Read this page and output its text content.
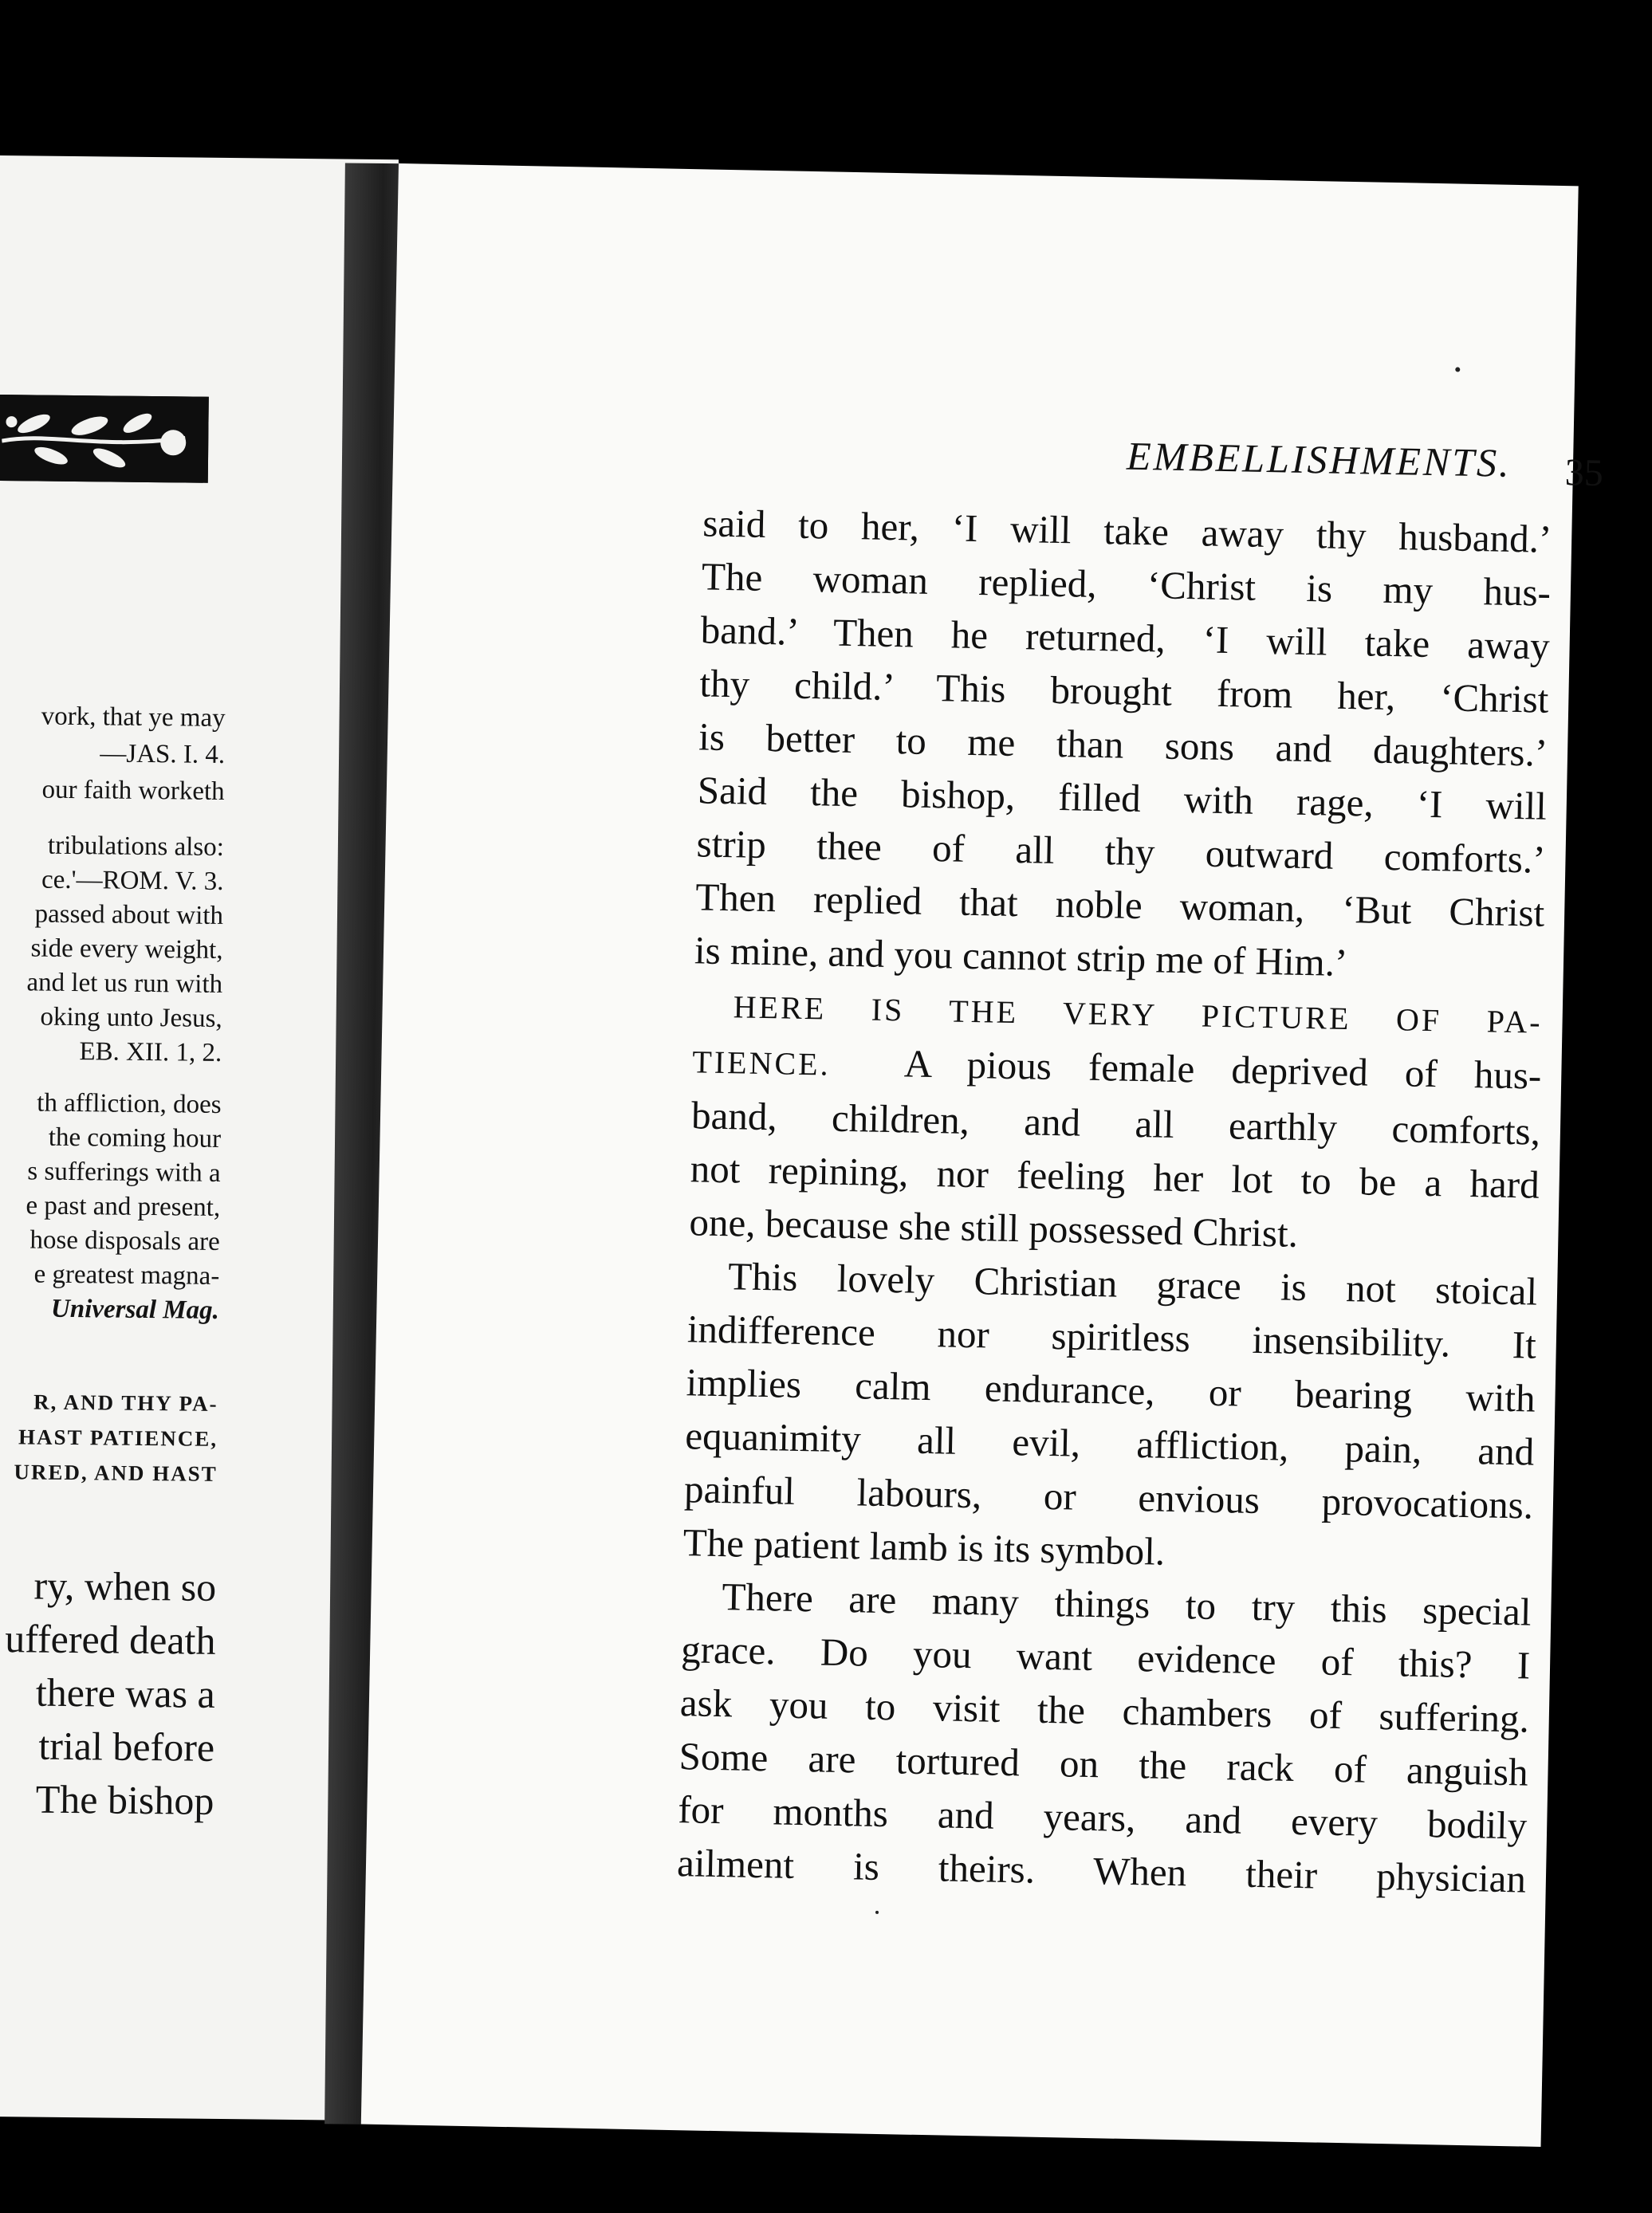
vork, that ye may
—JAS. I. 4.
our faith worketh
tribulations also:
ce.'—ROM. V. 3.
passed about with
side every weight,
and let us run with
oking unto Jesus,
EB. XII. 1, 2.
th affliction, does
the coming hour
s sufferings with a
e past and present,
hose disposals are
e greatest magna-
Universal Mag.
R, AND THY PA-
HAST PATIENCE,
URED, AND HAST
ry, when so
uffered death
there was a
trial before
The bishop
EMBELLISHMENTS. 35
said to her, ‘I will take away thy husband.’
The woman replied, ‘Christ is my hus-
band.’ Then he returned, ‘I will take away
thy child.’ This brought from her, ‘Christ
is better to me than sons and daughters.’
Said the bishop, filled with rage, ‘I will
strip thee of all thy outward comforts.’
Then replied that noble woman, ‘But Christ
is mine, and you cannot strip me of Him.’
HERE IS THE VERY PICTURE OF PA-
TIENCE. A pious female deprived of hus-
band, children, and all earthly comforts,
not repining, nor feeling her lot to be a hard
one, because she still possessed Christ.
This lovely Christian grace is not stoical
indifference nor spiritless insensibility. It
implies calm endurance, or bearing with
equanimity all evil, affliction, pain, and
painful labours, or envious provocations.
The patient lamb is its symbol.
There are many things to try this special
grace. Do you want evidence of this? I
ask you to visit the chambers of suffering.
Some are tortured on the rack of anguish
for months and years, and every bodily
ailment is theirs. When their physician
